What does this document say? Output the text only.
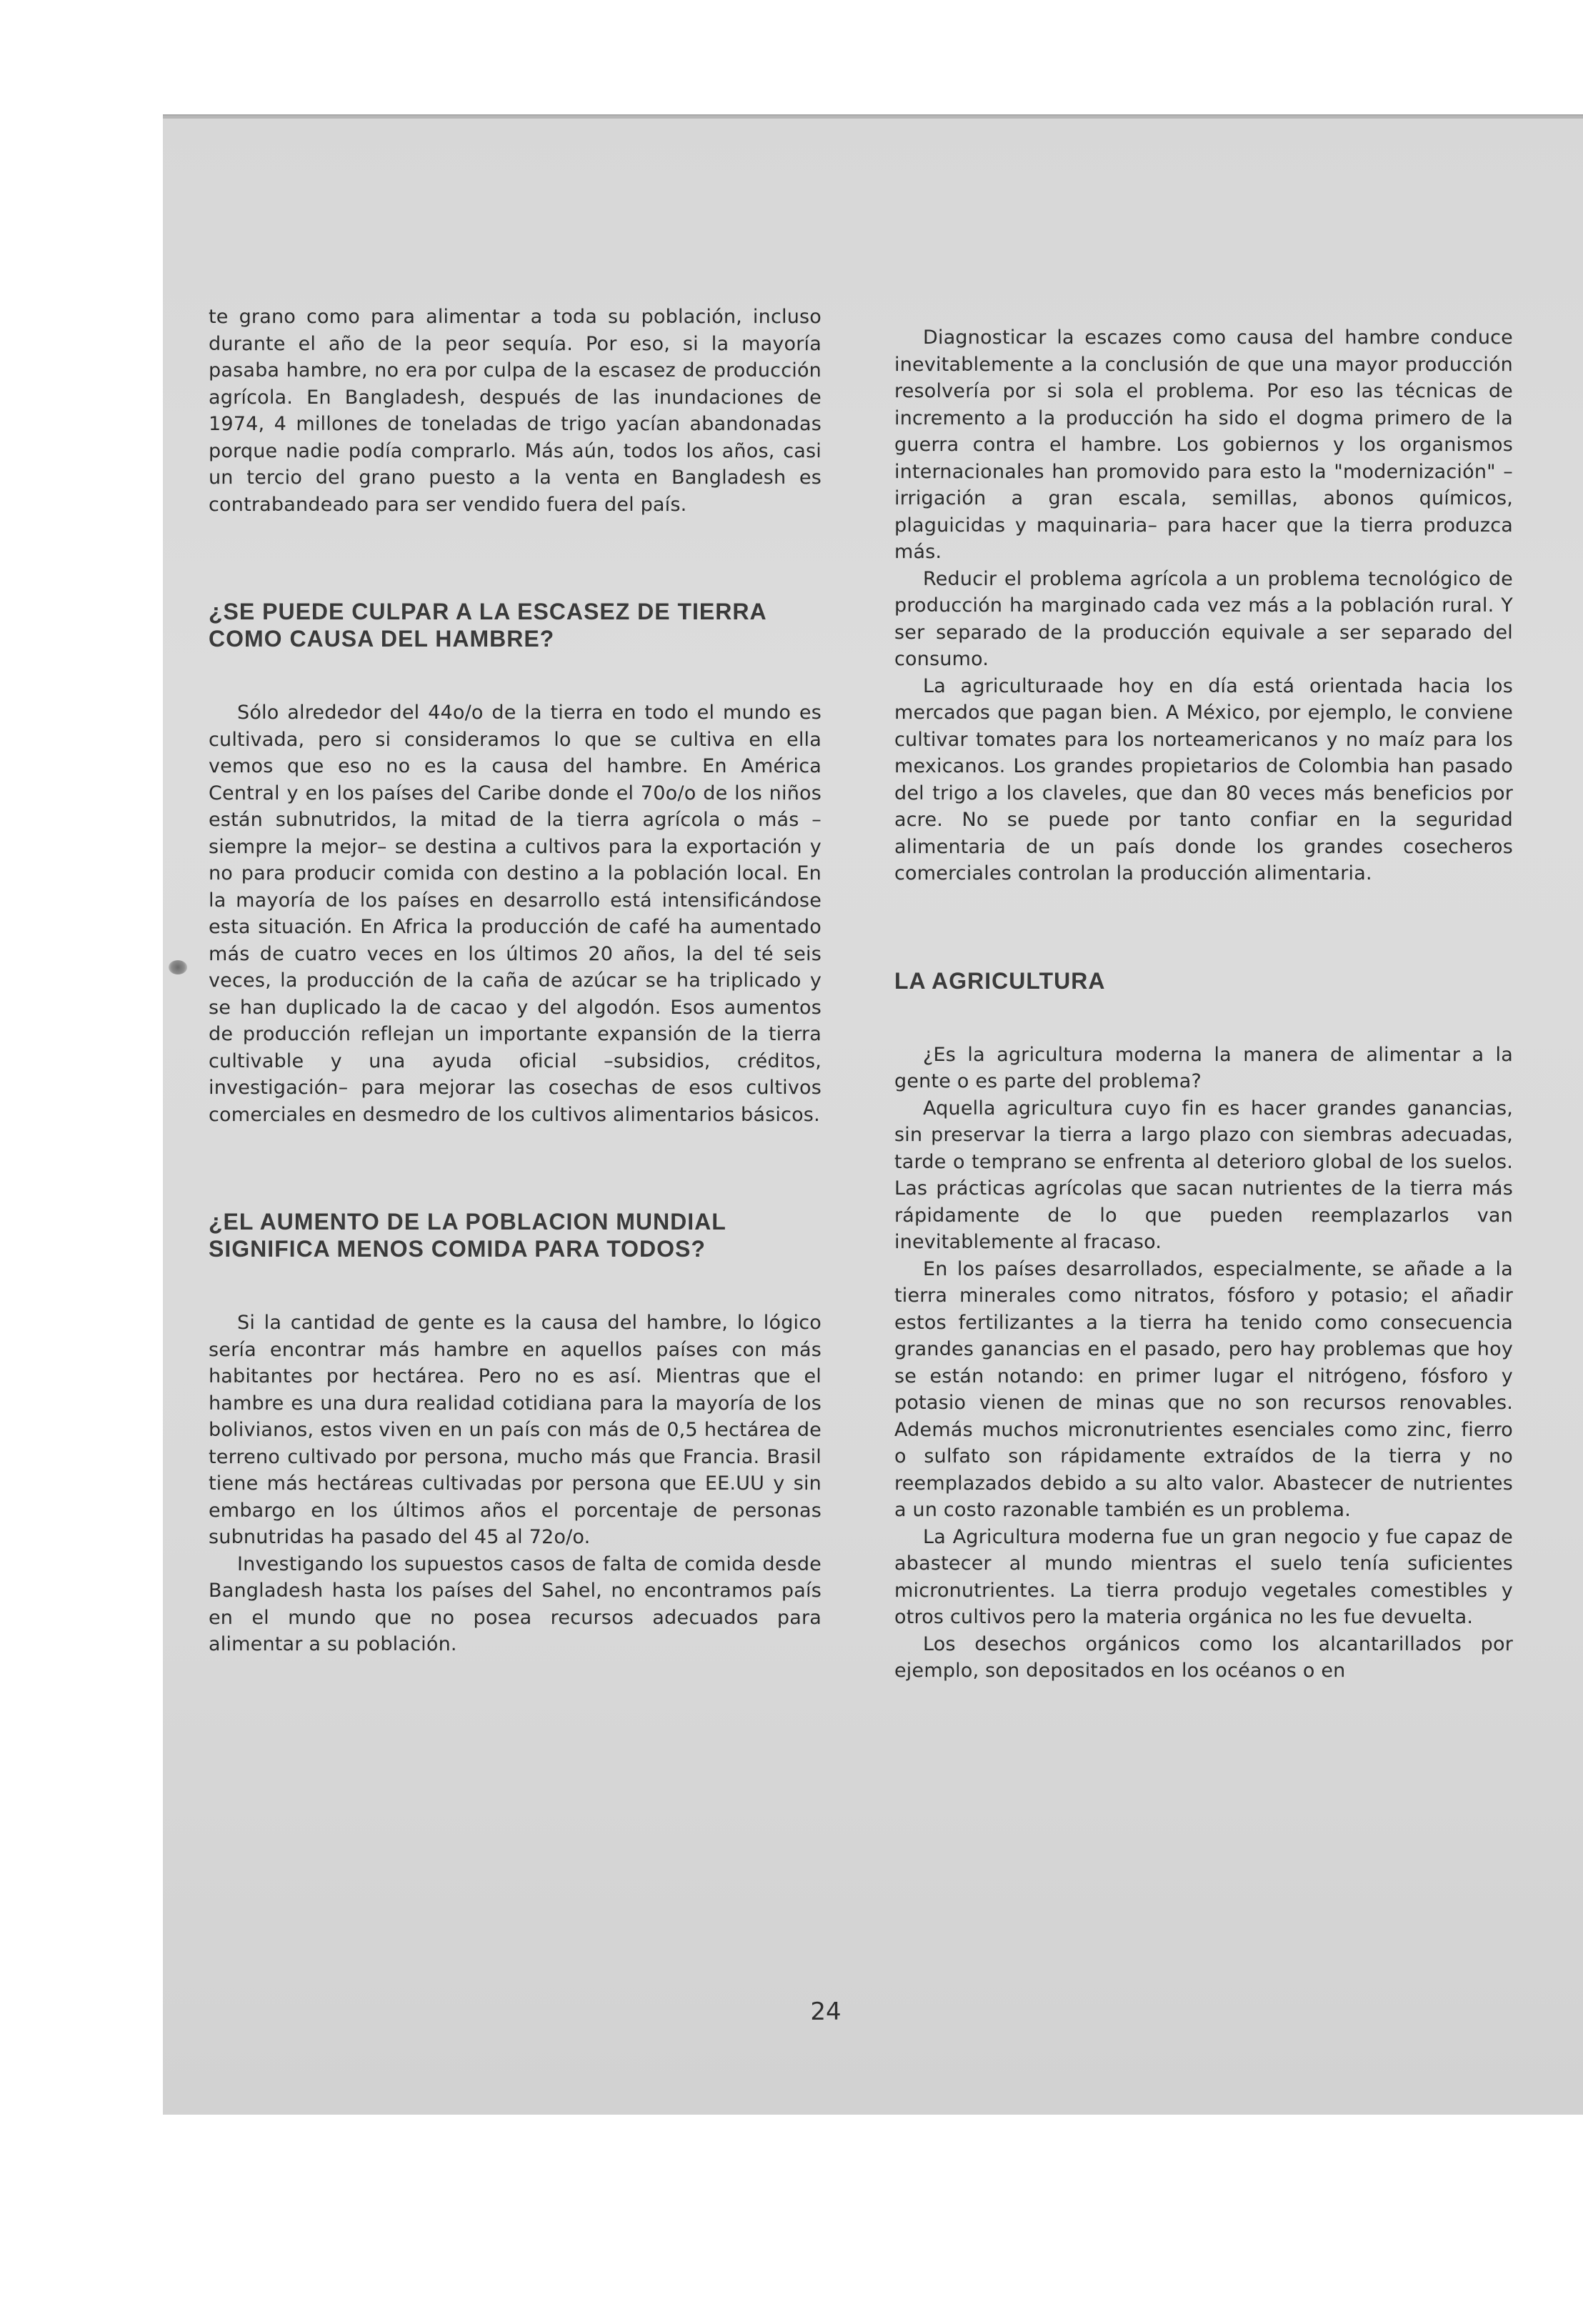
te grano como para alimentar a toda su población, incluso durante el año de la peor sequía. Por eso, si la mayoría pasaba hambre, no era por culpa de la escasez de producción agrícola. En Bangladesh, después de las inundaciones de 1974, 4 millones de toneladas de trigo yacían abandonadas porque nadie podía comprarlo. Más aún, todos los años, casi un tercio del grano puesto a la venta en Bangladesh es contrabandeado para ser vendido fuera del país.

¿SE PUEDE CULPAR A LA ESCASEZ DE TIERRA COMO CAUSA DEL HAMBRE?

Sólo alrededor del 44o/o de la tierra en todo el mundo es cultivada, pero si consideramos lo que se cultiva en ella vemos que eso no es la causa del hambre. En América Central y en los países del Caribe donde el 70o/o de los niños están subnutridos, la mitad de la tierra agrícola o más –siempre la mejor– se destina a cultivos para la exportación y no para producir comida con destino a la población local. En la mayoría de los países en desarrollo está intensificándose esta situación. En Africa la producción de café ha aumentado más de cuatro veces en los últimos 20 años, la del té seis veces, la producción de la caña de azúcar se ha triplicado y se han duplicado la de cacao y del algodón. Esos aumentos de producción reflejan un importante expansión de la tierra cultivable y una ayuda oficial –subsidios, créditos, investigación– para mejorar las cosechas de esos cultivos comerciales en desmedro de los cultivos alimentarios básicos.

¿EL AUMENTO DE LA POBLACION MUNDIAL SIGNIFICA MENOS COMIDA PARA TODOS?

Si la cantidad de gente es la causa del hambre, lo lógico sería encontrar más hambre en aquellos países con más habitantes por hectárea. Pero no es así. Mientras que el hambre es una dura realidad cotidiana para la mayoría de los bolivianos, estos viven en un país con más de 0,5 hectárea de terreno cultivado por persona, mucho más que Francia. Brasil tiene más hectáreas cultivadas por persona que EE.UU y sin embargo en los últimos años el porcentaje de personas subnutridas ha pasado del 45 al 72o/o.

Investigando los supuestos casos de falta de comida desde Bangladesh hasta los países del Sahel, no encontramos país en el mundo que no posea recursos adecuados para alimentar a su población.

Diagnosticar la escazes como causa del hambre conduce inevitablemente a la conclusión de que una mayor producción resolvería por si sola el problema. Por eso las técnicas de incremento a la producción ha sido el dogma primero de la guerra contra el hambre. Los gobiernos y los organismos internacionales han promovido para esto la "modernización" –irrigación a gran escala, semillas, abonos químicos, plaguicidas y maquinaria– para hacer que la tierra produzca más.

Reducir el problema agrícola a un problema tecnológico de producción ha marginado cada vez más a la población rural. Y ser separado de la producción equivale a ser separado del consumo.

La agriculturaade hoy en día está orientada hacia los mercados que pagan bien. A México, por ejemplo, le conviene cultivar tomates para los norteamericanos y no maíz para los mexicanos. Los grandes propietarios de Colombia han pasado del trigo a los claveles, que dan 80 veces más beneficios por acre. No se puede por tanto confiar en la seguridad alimentaria de un país donde los grandes cosecheros comerciales controlan la producción alimentaria.

LA AGRICULTURA

¿Es la agricultura moderna la manera de alimentar a la gente o es parte del problema?

Aquella agricultura cuyo fin es hacer grandes ganancias, sin preservar la tierra a largo plazo con siembras adecuadas, tarde o temprano se enfrenta al deterioro global de los suelos. Las prácticas agrícolas que sacan nutrientes de la tierra más rápidamente de lo que pueden reemplazarlos van inevitablemente al fracaso.

En los países desarrollados, especialmente, se añade a la tierra minerales como nitratos, fósforo y potasio; el añadir estos fertilizantes a la tierra ha tenido como consecuencia grandes ganancias en el pasado, pero hay problemas que hoy se están notando: en primer lugar el nitrógeno, fósforo y potasio vienen de minas que no son recursos renovables. Además muchos micronutrientes esenciales como zinc, fierro o sulfato son rápidamente extraídos de la tierra y no reemplazados debido a su alto valor. Abastecer de nutrientes a un costo razonable también es un problema.

La Agricultura moderna fue un gran negocio y fue capaz de abastecer al mundo mientras el suelo tenía suficientes micronutrientes. La tierra produjo vegetales comestibles y otros cultivos pero la materia orgánica no les fue devuelta.

Los desechos orgánicos como los alcantarillados por ejemplo, son depositados en los océanos o en

24
